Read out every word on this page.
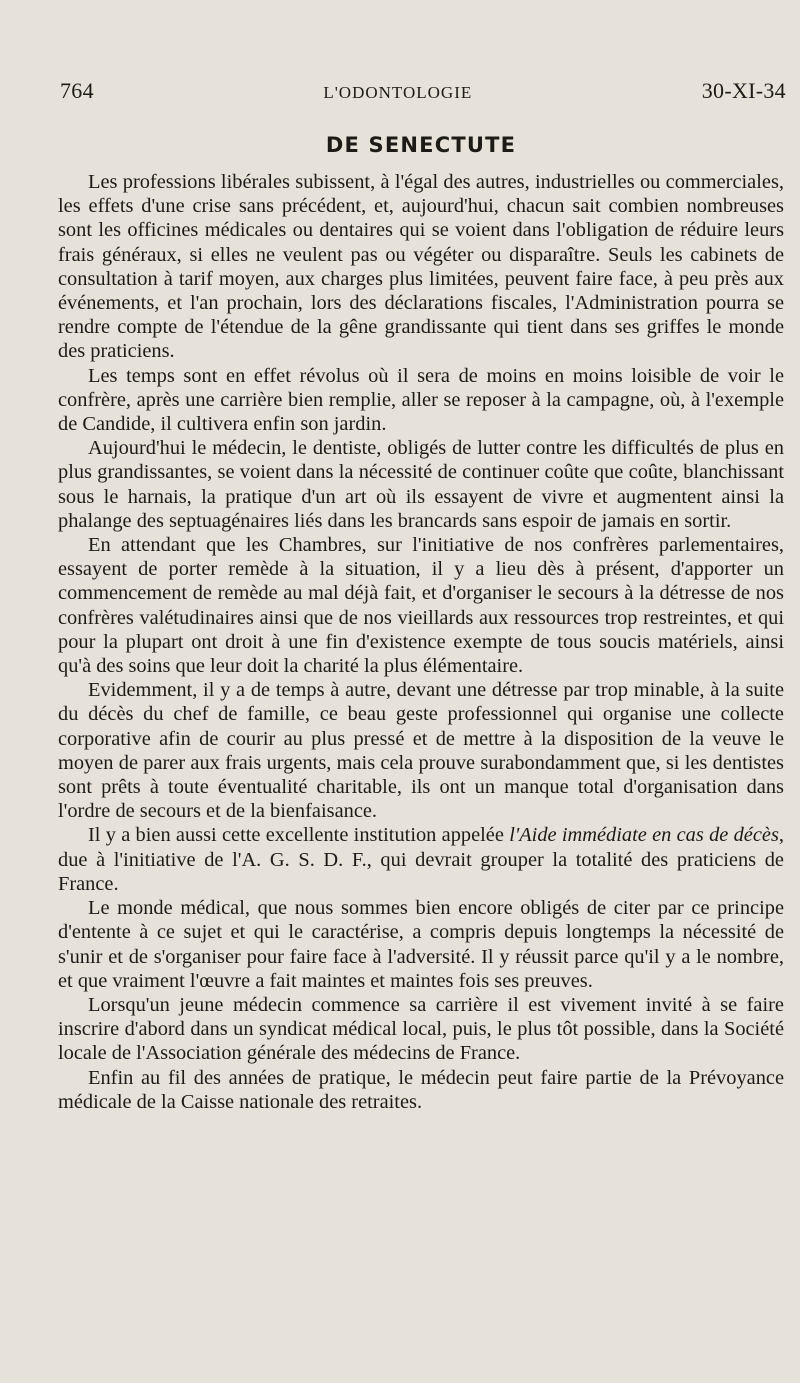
764	L'ODONTOLOGIE	30-XI-34
DE SENECTUTE

Les professions libérales subissent, à l'égal des autres, industrielles ou commerciales, les effets d'une crise sans précédent, et, aujourd'hui, chacun sait combien nombreuses sont les officines médicales ou dentaires qui se voient dans l'obligation de réduire leurs frais généraux, si elles ne veulent pas ou végéter ou disparaître. Seuls les cabinets de consultation à tarif moyen, aux charges plus limitées, peuvent faire face, à peu près aux événements, et l'an prochain, lors des déclarations fiscales, l'Administration pourra se rendre compte de l'étendue de la gêne grandissante qui tient dans ses griffes le monde des praticiens.

Les temps sont en effet révolus où il sera de moins en moins loisible de voir le confrère, après une carrière bien remplie, aller se reposer à la campagne, où, à l'exemple de Candide, il cultivera enfin son jardin.

Aujourd'hui le médecin, le dentiste, obligés de lutter contre les difficultés de plus en plus grandissantes, se voient dans la nécessité de continuer coûte que coûte, blanchissant sous le harnais, la pratique d'un art où ils essayent de vivre et augmentent ainsi la phalange des septuagénaires liés dans les brancards sans espoir de jamais en sortir.

En attendant que les Chambres, sur l'initiative de nos confrères parlementaires, essayent de porter remède à la situation, il y a lieu dès à présent, d'apporter un commencement de remède au mal déjà fait, et d'organiser le secours à la détresse de nos confrères valétudinaires ainsi que de nos vieillards aux ressources trop restreintes, et qui pour la plupart ont droit à une fin d'existence exempte de tous soucis matériels, ainsi qu'à des soins que leur doit la charité la plus élémentaire.

Evidemment, il y a de temps à autre, devant une détresse par trop minable, à la suite du décès du chef de famille, ce beau geste professionnel qui organise une collecte corporative afin de courir au plus pressé et de mettre à la disposition de la veuve le moyen de parer aux frais urgents, mais cela prouve surabondamment que, si les dentistes sont prêts à toute éventualité charitable, ils ont un manque total d'organisation dans l'ordre de secours et de la bienfaisance.

Il y a bien aussi cette excellente institution appelée l'Aide immédiate en cas de décès, due à l'initiative de l'A. G. S. D. F., qui devrait grouper la totalité des praticiens de France.

Le monde médical, que nous sommes bien encore obligés de citer par ce principe d'entente à ce sujet et qui le caractérise, a compris depuis longtemps la nécessité de s'unir et de s'organiser pour faire face à l'adversité. Il y réussit parce qu'il y a le nombre, et que vraiment l'œuvre a fait maintes et maintes fois ses preuves.

Lorsqu'un jeune médecin commence sa carrière il est vivement invité à se faire inscrire d'abord dans un syndicat médical local, puis, le plus tôt possible, dans la Société locale de l'Association générale des médecins de France.

Enfin au fil des années de pratique, le médecin peut faire partie de la Prévoyance médicale de la Caisse nationale des retraites.
